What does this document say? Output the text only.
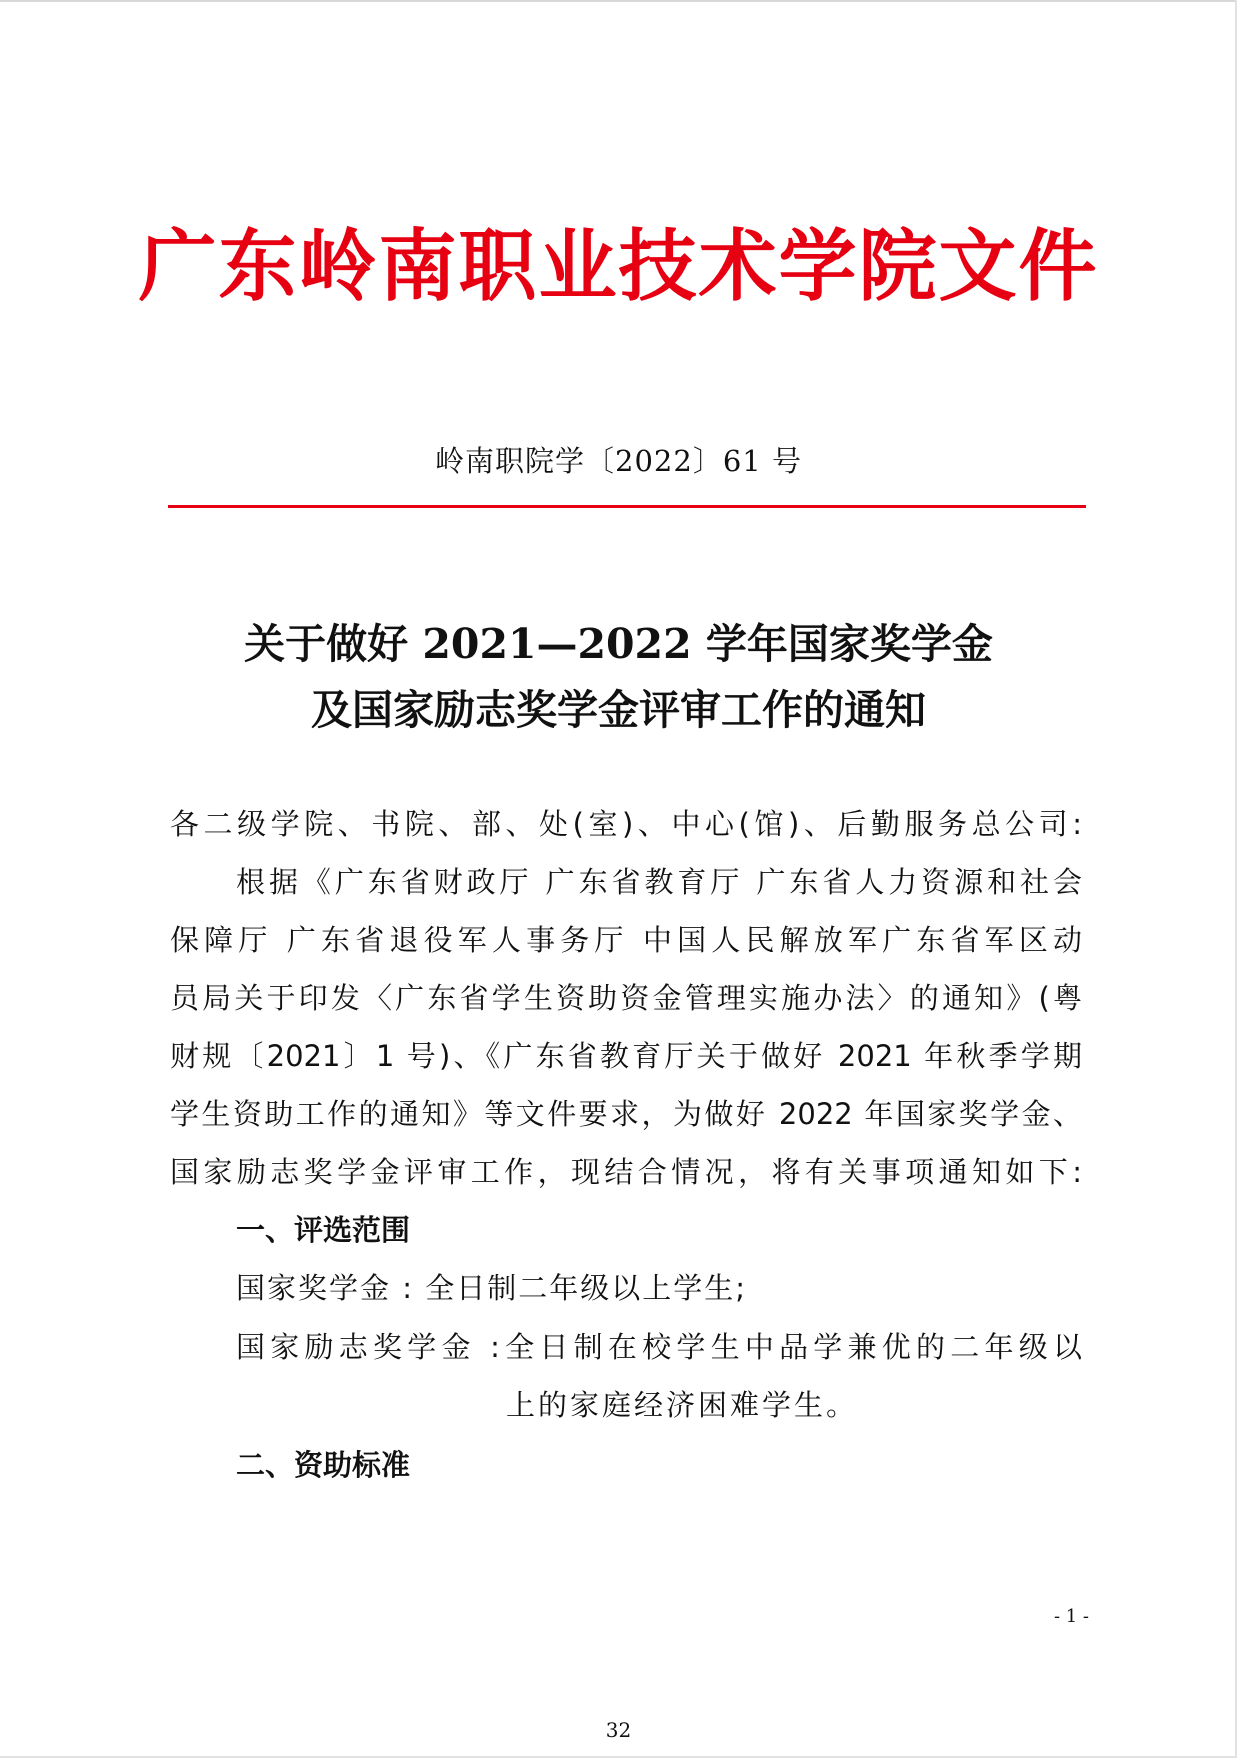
广东岭南职业技术学院文件
岭南职院学〔2022〕61 号
关于做好 2021—2022 学年国家奖学金
及国家励志奖学金评审工作的通知
各二级学院、书院、部、处(室)、中心(馆)、后勤服务总公司:
根据《广东省财政厅 广东省教育厅 广东省人力资源和社会
保障厅 广东省退役军人事务厅 中国人民解放军广东省军区动
员局关于印发〈广东省学生资助资金管理实施办法〉的通知》(粤
财规〔2021〕1 号)、《广东省教育厅关于做好 2021 年秋季学期
学生资助工作的通知》等文件要求，为做好 2022 年国家奖学金、
国家励志奖学金评审工作，现结合情况，将有关事项通知如下:
一、评选范围
国家奖学金 : 全日制二年级以上学生;
国家励志奖学金 :全日制在校学生中品学兼优的二年级以
上的家庭经济困难学生。
二、资助标准
- 1 -
32
